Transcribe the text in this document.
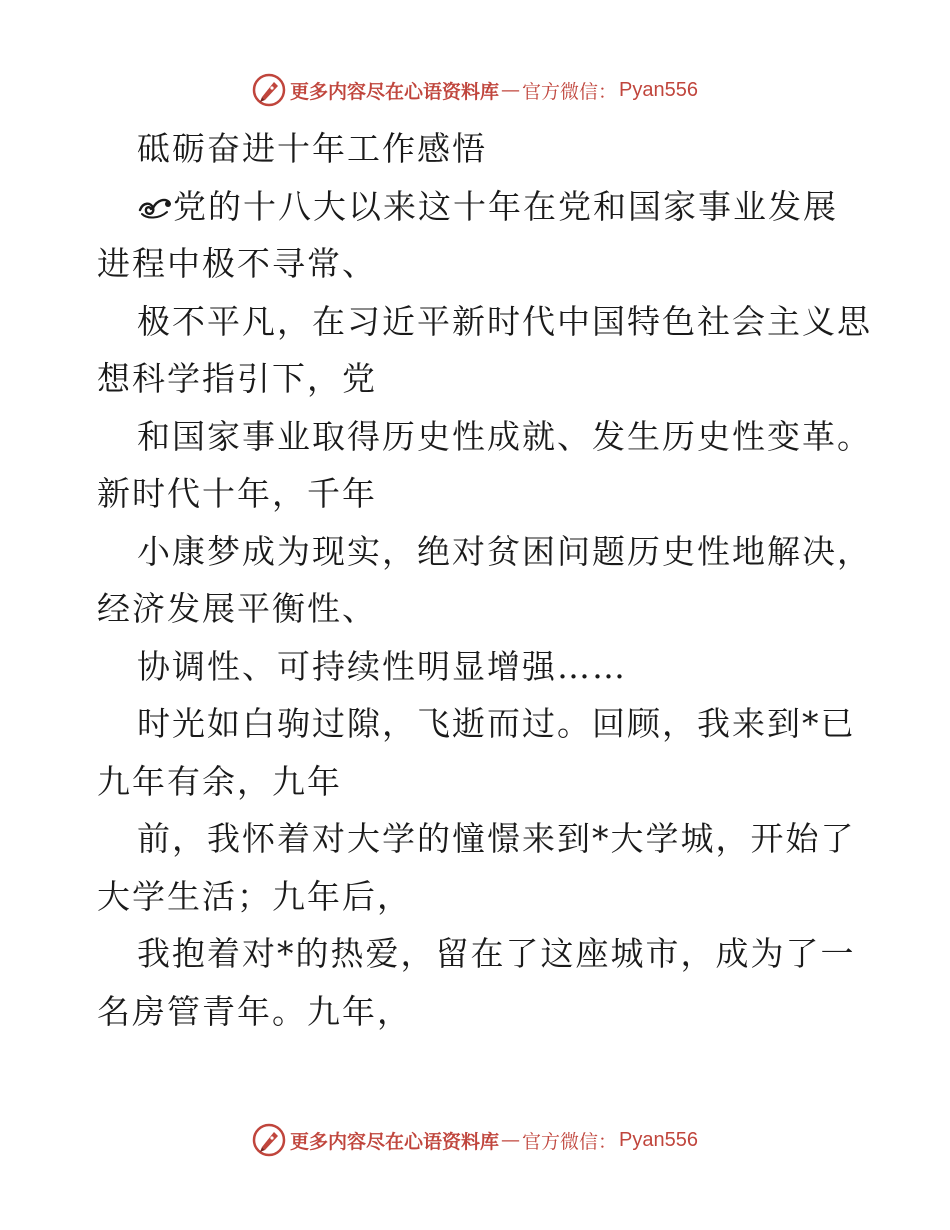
更多内容尽在心语资料库 — 官方微信： Pyan556
砥砺奋进十年工作感悟
党的十八大以来这十年在党和国家事业发展
进程中极不寻常、
极不平凡，在习近平新时代中国特色社会主义思
想科学指引下，党
和国家事业取得历史性成就、发生历史性变革。
新时代十年，千年
小康梦成为现实，绝对贫困问题历史性地解决，
经济发展平衡性、
协调性、可持续性明显增强……
时光如白驹过隙，飞逝而过。回顾，我来到*已
九年有余，九年
前，我怀着对大学的憧憬来到*大学城，开始了
大学生活；九年后，
我抱着对*的热爱，留在了这座城市，成为了一
名房管青年。九年，
更多内容尽在心语资料库 — 官方微信： Pyan556
